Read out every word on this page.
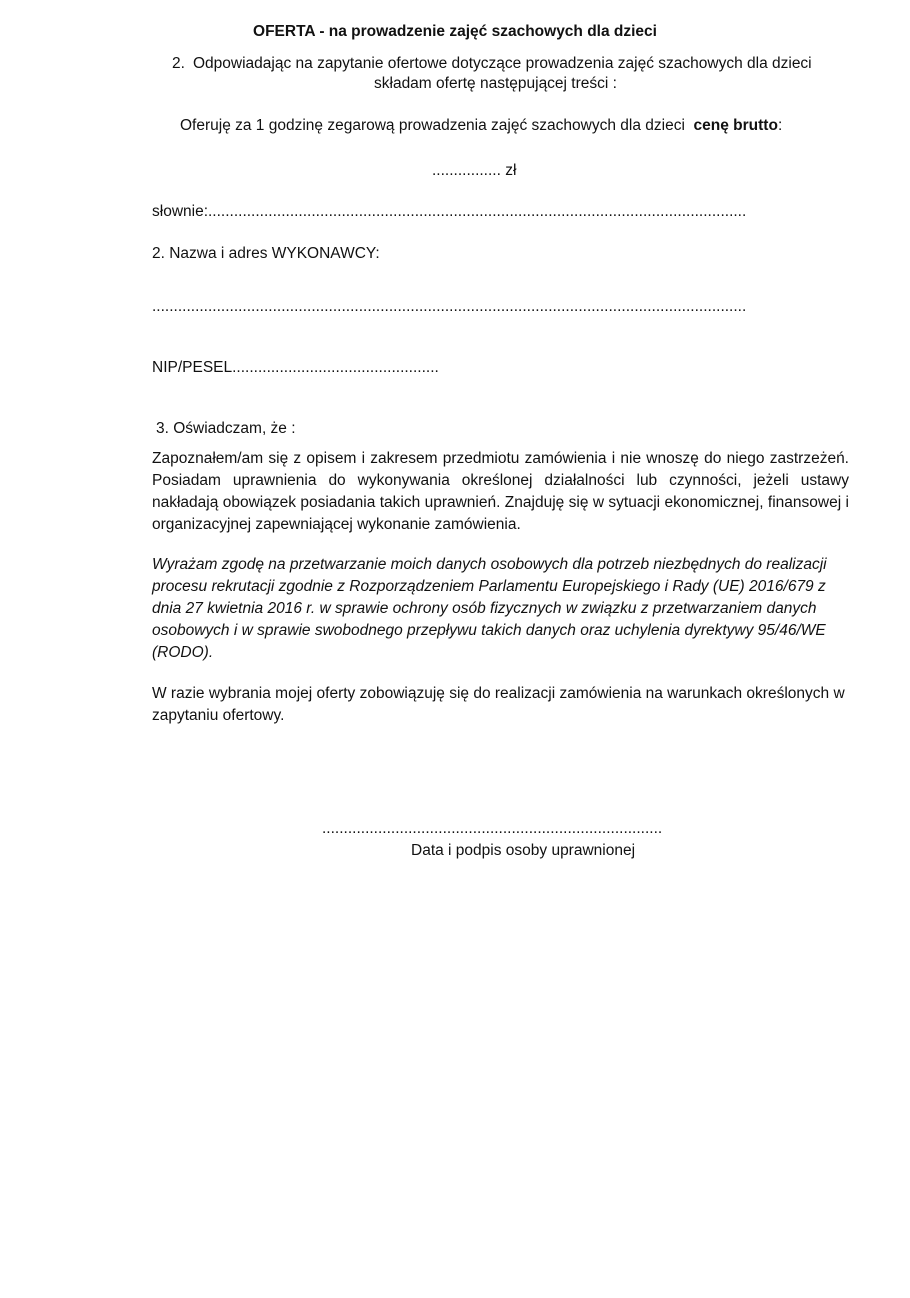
OFERTA - na prowadzenie zajęć szachowych dla dzieci
2. Odpowiadając na zapytanie ofertowe dotyczące prowadzenia zajęć szachowych dla dzieci
składam ofertę następującej treści :
Oferuję za 1 godzinę zegarową prowadzenia zajęć szachowych dla dzieci cenę brutto:
................ zł
słownie:.............................................................................................................................
2. Nazwa i adres WYKONAWCY:
..........................................................................................................................................
NIP/PESEL................................................
3. Oświadczam, że :
Zapoznałem/am się z opisem i zakresem przedmiotu zamówienia i nie wnoszę do niego zastrzeżeń. Posiadam uprawnienia do wykonywania określonej działalności lub czynności, jeżeli ustawy nakładają obowiązek posiadania takich uprawnień. Znajduję się w sytuacji ekonomicznej, finansowej i organizacyjnej zapewniającej wykonanie zamówienia.
Wyrażam zgodę na przetwarzanie moich danych osobowych dla potrzeb niezbędnych do realizacji procesu rekrutacji zgodnie z Rozporządzeniem Parlamentu Europejskiego i Rady (UE) 2016/679 z dnia 27 kwietnia 2016 r. w sprawie ochrony osób fizycznych w związku z przetwarzaniem danych osobowych i w sprawie swobodnego przepływu takich danych oraz uchylenia dyrektywy 95/46/WE (RODO).
W razie wybrania mojej oferty zobowiązuję się do realizacji zamówienia na warunkach określonych w zapytaniu ofertowy.
...............................................................................
Data i podpis osoby uprawnionej
